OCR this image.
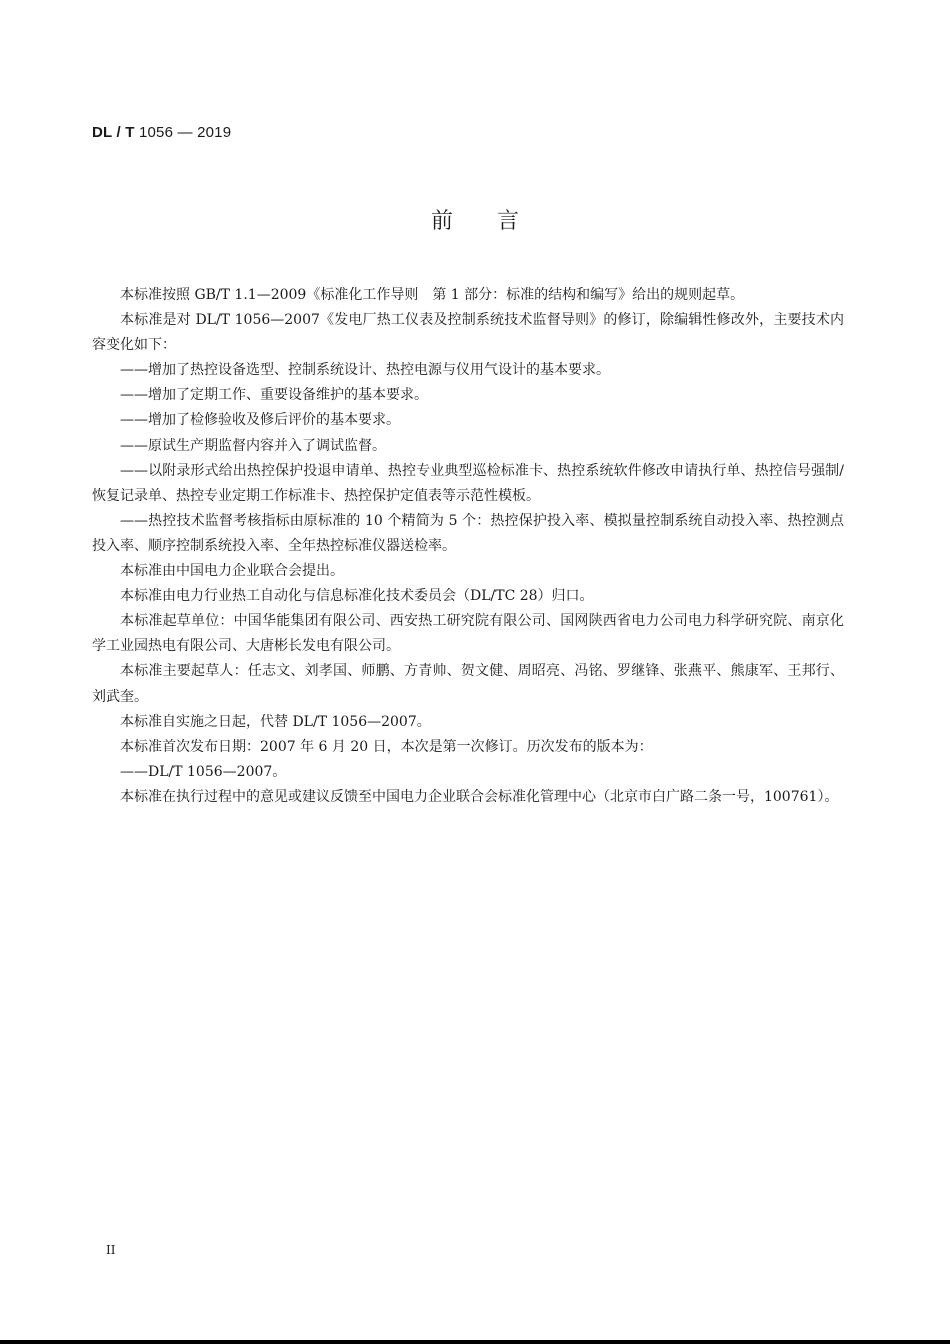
DL / T 1056 — 2019
前言

本标准按照 GB/T 1.1—2009《标准化工作导则　第 1 部分：标准的结构和编写》给出的规则起草。

本标准是对 DL/T 1056—2007《发电厂热工仪表及控制系统技术监督导则》的修订，除编辑性修改外，主要技术内容变化如下：

——增加了热控设备选型、控制系统设计、热控电源与仪用气设计的基本要求。

——增加了定期工作、重要设备维护的基本要求。

——增加了检修验收及修后评价的基本要求。

——原试生产期监督内容并入了调试监督。

——以附录形式给出热控保护投退申请单、热控专业典型巡检标准卡、热控系统软件修改申请执行单、热控信号强制/恢复记录单、热控专业定期工作标准卡、热控保护定值表等示范性模板。

——热控技术监督考核指标由原标准的 10 个精简为 5 个：热控保护投入率、模拟量控制系统自动投入率、热控测点投入率、顺序控制系统投入率、全年热控标准仪器送检率。

本标准由中国电力企业联合会提出。

本标准由电力行业热工自动化与信息标准化技术委员会（DL/TC 28）归口。

本标准起草单位：中国华能集团有限公司、西安热工研究院有限公司、国网陕西省电力公司电力科学研究院、南京化学工业园热电有限公司、大唐彬长发电有限公司。

本标准主要起草人：任志文、刘孝国、师鹏、方青帅、贺文健、周昭亮、冯铭、罗继锋、张燕平、熊康军、王邦行、刘武奎。

本标准自实施之日起，代替 DL/T 1056—2007。

本标准首次发布日期：2007 年 6 月 20 日，本次是第一次修订。历次发布的版本为：

——DL/T 1056—2007。

本标准在执行过程中的意见或建议反馈至中国电力企业联合会标准化管理中心（北京市白广路二条一号，100761）。

II
